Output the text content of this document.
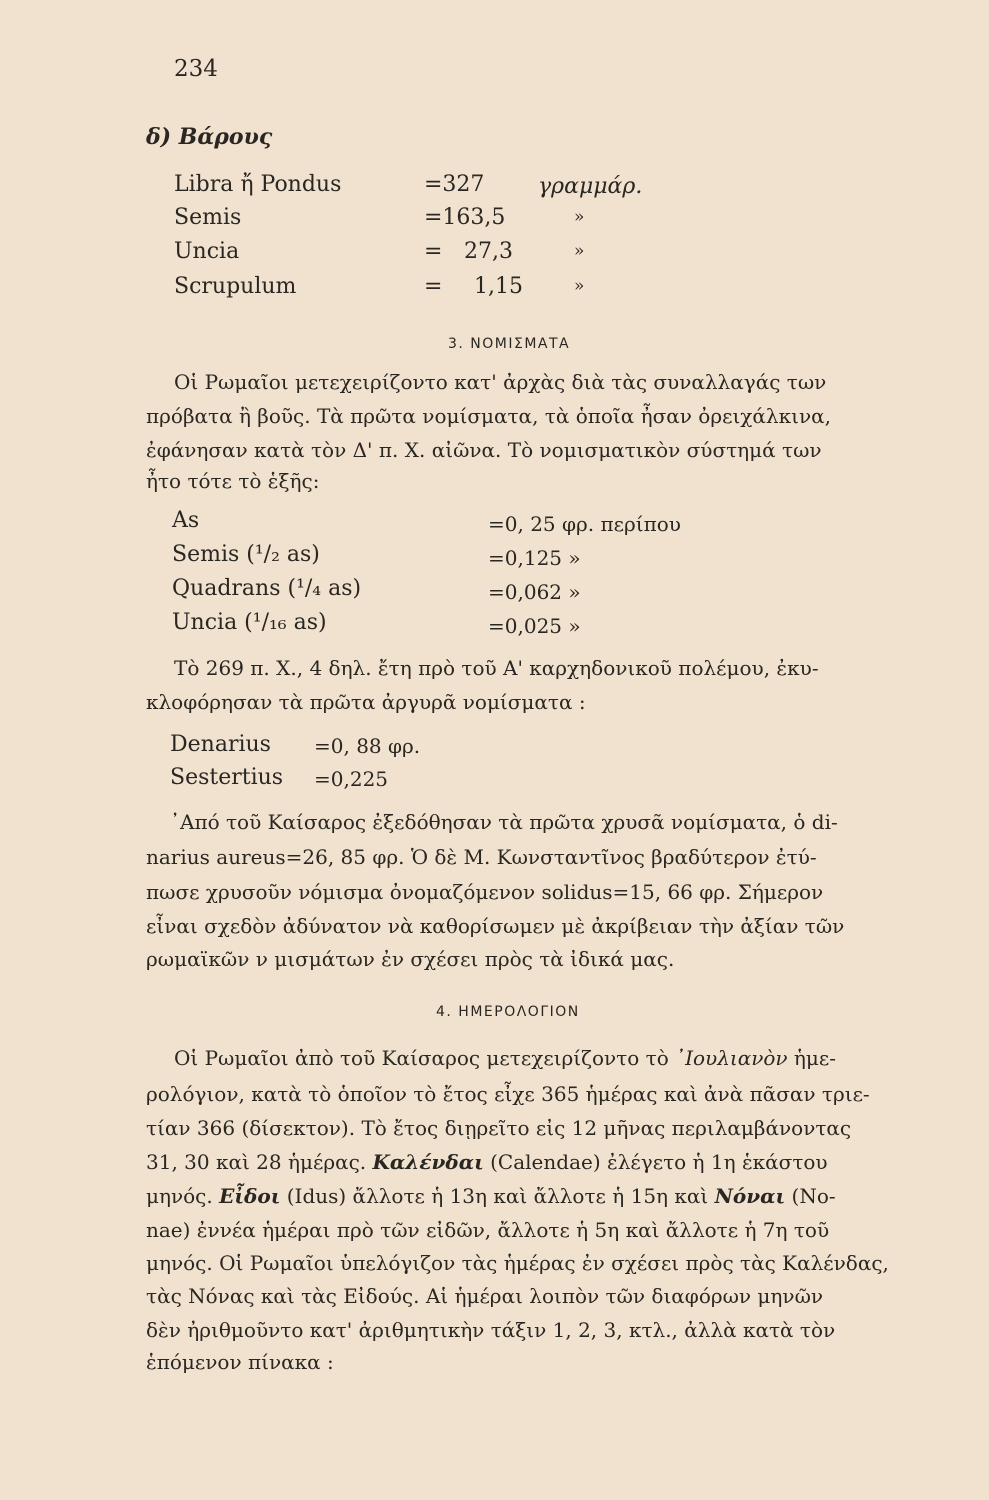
234
δ) Βάρους
Libra ἤ Pondus	=327 γραμμάρ.
Semis	=163,5	»
Uncia	= 27,3	»
Scrupulum	= 1,15	»
3. ΝΟΜΙΣΜΑΤΑ
Οἱ Ρωμαῖοι μετεχειρίζοντο κατ' ἀρχὰς διὰ τὰς συναλλαγάς των
πρόβατα ἢ βοῦς. Τὰ πρῶτα νομίσματα, τὰ ὁποῖα ἦσαν ὀρειχάλκινα,
ἐφάνησαν κατὰ τὸν Δ' π. Χ. αἰῶνα. Τὸ νομισματικὸν σύστημά των
ἦτο τότε τὸ ἑξῆς:
As	=0, 25 φρ. περίπου
Semis (¹/₂ as)	=0,125 »
Quadrans (¹/₄ as)	=0,062 »
Uncia (¹/₁₆ as)	=0,025 »
Τὸ 269 π. Χ., 4 δηλ. ἔτη πρὸ τοῦ Α' καρχηδονικοῦ πολέμου, ἐκυ-
κλοφόρησαν τὰ πρῶτα ἀργυρᾶ νομίσματα :
Denarius =0, 88 φρ.
Sestertius =0,225
᾿Από τοῦ Καίσαρος ἐξεδόθησαν τὰ πρῶτα χρυσᾶ νομίσματα, ὁ di-
narius aureus=26, 85 φρ. Ὁ δὲ Μ. Κωνσταντῖνος βραδύτερον ἐτύ-
πωσε χρυσοῦν νόμισμα ὀνομαζόμενον solidus=15, 66 φρ. Σήμερον
εἶναι σχεδὸν ἀδύνατον νὰ καθορίσωμεν μὲ ἀκρίβειαν τὴν ἀξίαν τῶν
ρωμαϊκῶν ν μισμάτων ἐν σχέσει πρὸς τὰ ἰδικά μας.
4. ΗΜΕΡΟΛΟΓΙΟΝ
Οἱ Ρωμαῖοι ἀπὸ τοῦ Καίσαρος μετεχειρίζοντο τὸ ᾿Ιουλιανὸν ἡμε-
ρολόγιον, κατὰ τὸ ὁποῖον τὸ ἔτος εἶχε 365 ἡμέρας καὶ ἀνὰ πᾶσαν τριε-
τίαν 366 (δίσεκτον). Τὸ ἔτος διῃρεῖτο εἰς 12 μῆνας περιλαμβάνοντας
31, 30 καὶ 28 ἡμέρας. Καλένδαι (Calendae) ἐλέγετο ἡ 1η ἑκάστου
μηνός. Εἶδοι (Idus) ἄλλοτε ἡ 13η καὶ ἄλλοτε ἡ 15η καὶ Νόναι (Νο-
nae) ἐννέα ἡμέραι πρὸ τῶν εἰδῶν, ἄλλοτε ἡ 5η καὶ ἄλλοτε ἡ 7η τοῦ
μηνός. Οἱ Ρωμαῖοι ὑπελόγιζον τὰς ἡμέρας ἐν σχέσει πρὸς τὰς Καλένδας,
τὰς Νόνας καὶ τὰς Εἰδούς. Αἱ ἡμέραι λοιπὸν τῶν διαφόρων μηνῶν
δὲν ἠριθμοῦντο κατ' ἀριθμητικὴν τάξιν 1, 2, 3, κτλ., ἀλλὰ κατὰ τὸν
ἑπόμενον πίνακα :
